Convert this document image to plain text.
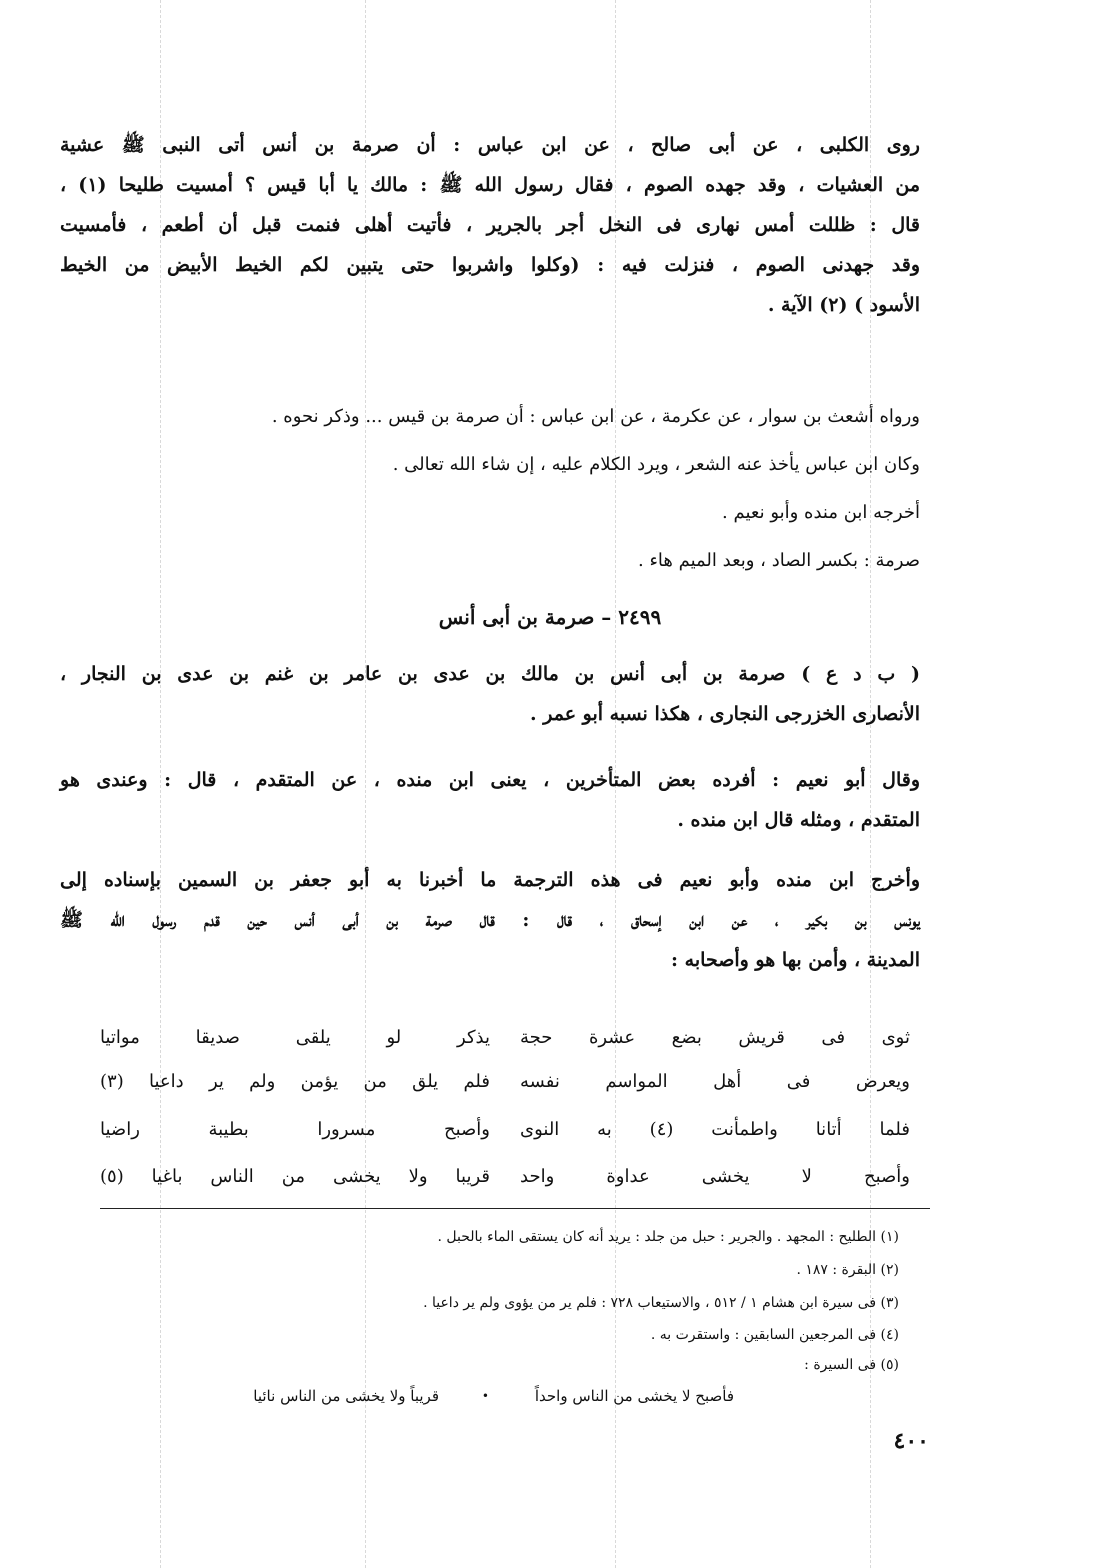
روى الكلبى ، عن أبى صالح ، عن ابن عباس : أن صرمة بن أنس أتى النبى ﷺ عشية
من العشيات ، وقد جهده الصوم ، فقال رسول الله ﷺ : مالك يا أبا قيس ؟ أمسيت طليحا (١) ،
قال : ظللت أمس نهارى فى النخل أجر بالجرير ، فأتيت أهلى فنمت قبل أن أطعم ، فأمسيت
وقد جهدنى الصوم ، فنزلت فيه : (وكلوا واشربوا حتى يتبين لكم الخيط الأبيض من الخيط
الأسود ) (٢) الآية .
ورواه أشعث بن سوار ، عن عكرمة ، عن ابن عباس : أن صرمة بن قيس ... وذكر نحوه .
وكان ابن عباس يأخذ عنه الشعر ، ويرد الكلام عليه ، إن شاء الله تعالى .
أخرجه ابن منده وأبو نعيم .
صرمة : بكسر الصاد ، وبعد الميم هاء .
٢٤٩٩ – صرمة بن أبى أنس
( ب د ع ) صرمة بن أبى أنس بن مالك بن عدى بن عامر بن غنم بن عدى بن النجار ،
الأنصارى الخزرجى النجارى ، هكذا نسبه أبو عمر .
وقال أبو نعيم : أفرده بعض المتأخرين ، يعنى ابن منده ، عن المتقدم ، قال : وعندى هو
المتقدم ، ومثله قال ابن منده .
وأخرج ابن منده وأبو نعيم فى هذه الترجمة ما أخبرنا به أبو جعفر بن السمين بإسناده إلى
يونس بن بكير ، عن ابن إسحاق ، قال : قال صرمة بن أبى أنس حين قدم رسول الله ﷺ
المدينة ، وأمن بها هو وأصحابه :
ثوى فى قريش بضع عشرة حجة
يذكر لو يلقى صديقا مواتيا
ويعرض فى أهل المواسم نفسه
فلم يلق من يؤمن ولم ير داعيا (٣)
فلما أتانا واطمأنت (٤) به النوى
وأصبح مسرورا بطيبة راضيا
وأصبح لا يخشى عداوة واحد
قريبا ولا يخشى من الناس باغيا (٥)
(١) الطليح : المجهد . والجرير : حبل من جلد : يريد أنه كان يستقى الماء بالحبل .
(٢) البقرة : ١٨٧ .
(٣) فى سيرة ابن هشام ١ / ٥١٢ ، والاستيعاب ٧٢٨ : فلم ير من يؤوى ولم ير داعيا .
(٤) فى المرجعين السابقين : واستقرت به .
(٥) فى السيرة :
فأصبح لا يخشى من الناس واحداً
•
قريباً ولا يخشى من الناس نائيا
٤٠٠
